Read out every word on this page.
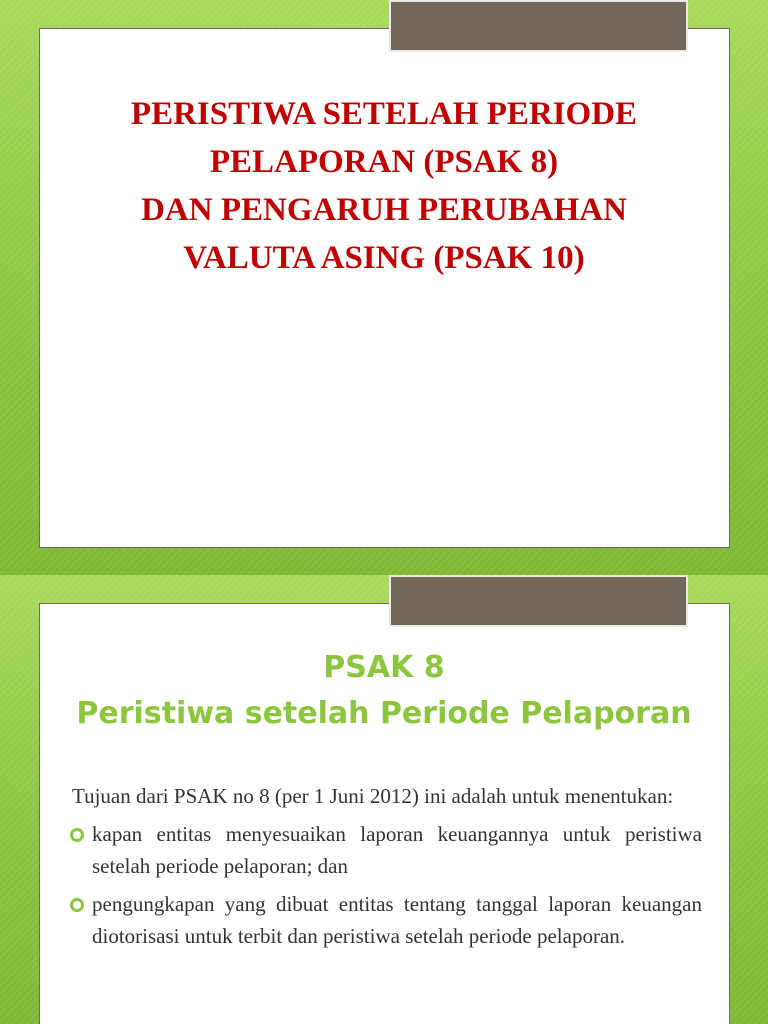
PERISTIWA SETELAH PERIODE
PELAPORAN (PSAK 8)
DAN PENGARUH PERUBAHAN
VALUTA ASING (PSAK 10)
PSAK 8
Peristiwa setelah Periode Pelaporan

Tujuan dari PSAK no 8 (per 1 Juni 2012) ini adalah untuk menentukan:

kapan entitas menyesuaikan laporan keuangannya untuk peristiwa setelah periode pelaporan; dan
pengungkapan yang dibuat entitas tentang tanggal laporan keuangan diotorisasi untuk terbit dan peristiwa setelah periode pelaporan.
